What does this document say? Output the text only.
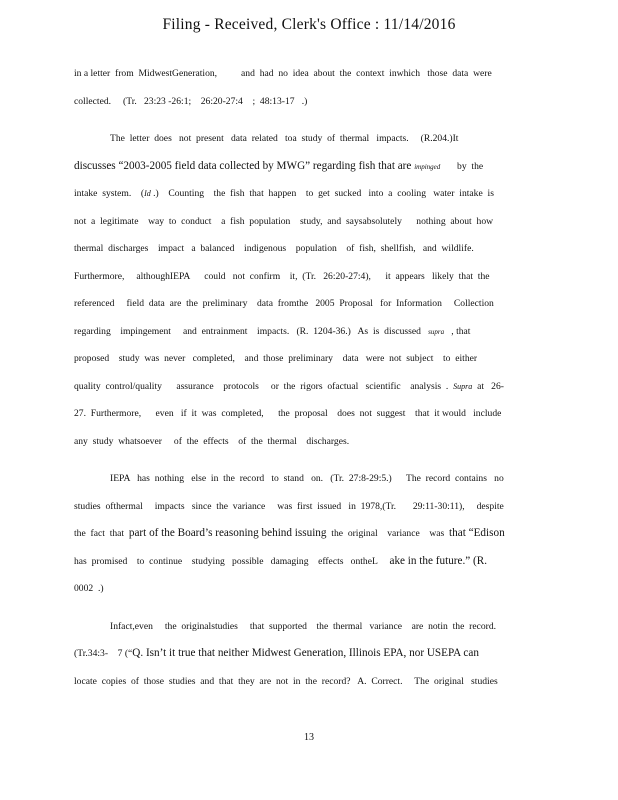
Filing - Received, Clerk's Office : 11/14/2016
in a letter  from  MidwestGeneration,          and  had  no  idea  about  the  context  inwhich   those  data  were
collected.     (Tr.   23:23 -26:1;    26:20-27:4    ;  48:13-17   .)
The  letter  does   not  present   data  related   toa  study  of  thermal   impacts.     (R.204.)It
discusses “2003-2005 field data collected by MWG” regarding fish that are impinged       by  the
intake  system.    (Id .)    Counting    the  fish  that  happen    to  get  sucked   into  a  cooling   water  intake  is
not  a  legitimate    way  to  conduct    a  fish  population    study,  and  saysabsolutely      nothing  about  how
thermal  discharges    impact   a  balanced    indigenous    population    of  fish,  shellfish,   and  wildlife.
Furthermore,     althoughIEPA      could   not  confirm    it,  (Tr.   26:20-27:4),      it  appears   likely  that  the
referenced     field  data  are  the  preliminary    data  fromthe   2005  Proposal   for  Information     Collection
regarding    impingement     and  entrainment    impacts.   (R.  1204-36.)   As  is  discussed   supra   , that
proposed    study  was  never   completed,    and  those  preliminary    data   were  not  subject    to  either
quality  control/quality      assurance    protocols     or  the  rigors  ofactual   scientific    analysis  .  Supra  at   26-
27.  Furthermore,      even   if  it  was  completed,      the  proposal    does  not  suggest    that  it would   include
any  study  whatsoever     of  the  effects    of  the  thermal    discharges.
IEPA   has  nothing   else  in  the  record   to  stand   on.   (Tr.  27:8-29:5.)      The  record  contains   no
studies  ofthermal     impacts   since  the  variance     was  first  issued   in  1978,(Tr.       29:11-30:11),     despite
the  fact  that  part of the Board’s reasoning behind issuing  the  original    variance    was  that “Edison
has  promised    to  continue    studying   possible   damaging    effects   ontheL     ake in the future.” (R.
0002  .)
Infact,even     the  originalstudies     that  supported    the  thermal   variance    are  notin  the  record.
(Tr.34:3-    7 (“Q. Isn’t it true that neither Midwest Generation, Illinois EPA, nor USEPA can
locate  copies  of  those  studies  and  that  they  are  not  in  the  record?   A.  Correct.     The  original   studies
13
